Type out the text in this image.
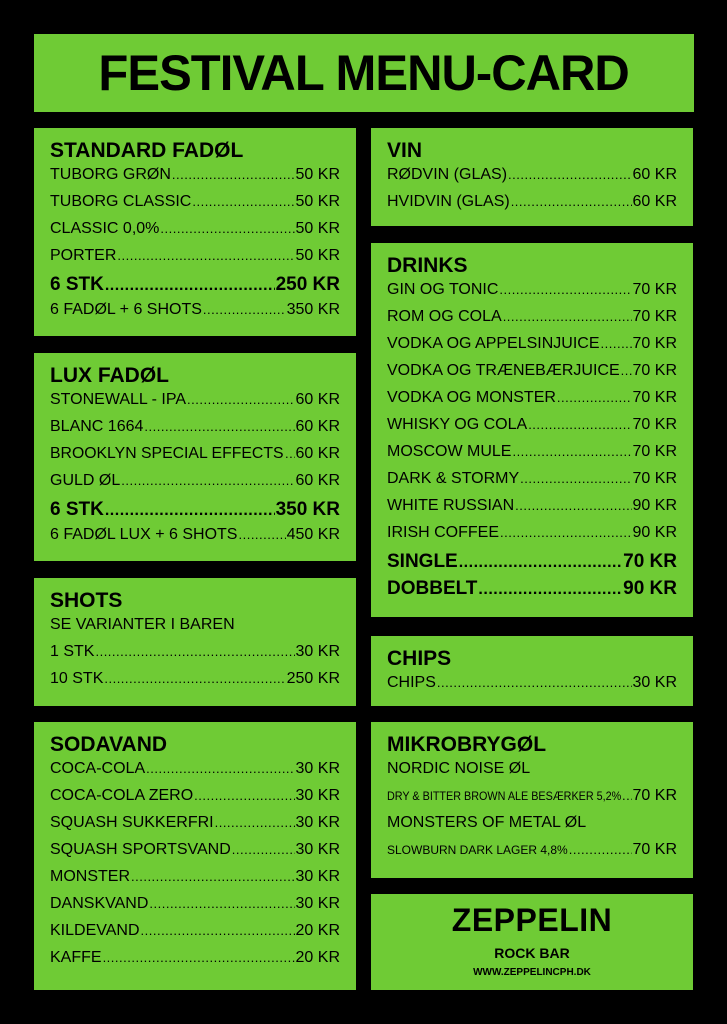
FESTIVAL MENU-CARD
STANDARD FADØL
TUBORG GRØN .....	50 KR
TUBORG CLASSIC .....	50 KR
CLASSIC 0,0% .....	50 KR
PORTER .....	50 KR
6 STK .....	250 KR
6 FADØL + 6 SHOTS .....	350 KR
LUX FADØL
STONEWALL - IPA .....	60 KR
BLANC 1664 .....	60 KR
BROOKLYN SPECIAL EFFECTS ..... 60 KR
GULD ØL .....	60 KR
6 STK .....	350 KR
6 FADØL LUX + 6 SHOTS .....	450 KR
SHOTS
SE VARIANTER I BAREN
1 STK .....	30 KR
10 STK .....	250 KR
SODAVAND
COCA-COLA .....	30 KR
COCA-COLA ZERO .....	30 KR
SQUASH SUKKERFRI .....	30 KR
SQUASH SPORTSVAND .....	30 KR
MONSTER .....	30 KR
DANSKVAND .....	30 KR
KILDEVAND .....	20 KR
KAFFE .....	20 KR
VIN
RØDVIN (GLAS) .....	60 KR
HVIDVIN (GLAS) .....	60 KR
DRINKS
GIN OG TONIC .....	70 KR
ROM OG COLA .....	70 KR
VODKA OG APPELSINJUICE ..... 70 KR
VODKA OG TRÆNEBÆRJUICE ..... 70 KR
VODKA OG MONSTER .....	70 KR
WHISKY OG COLA .....	70 KR
MOSCOW MULE .....	70 KR
DARK & STORMY .....	70 KR
WHITE RUSSIAN .....	90 KR
IRISH COFFEE .....	90 KR
SINGLE .....	70 KR
DOBBELT .....	90 KR
CHIPS
CHIPS .....	30 KR
MIKROBRYGØL
NORDIC NOISE ØL
DRY & BITTER BROWN ALE BESÆRKER 5,2% ..... 70 KR
MONSTERS OF METAL ØL
SLOWBURN DARK LAGER 4,8% .....	70 KR
ZEPPELIN
ROCK BAR
WWW.ZEPPELINCPH.DK
